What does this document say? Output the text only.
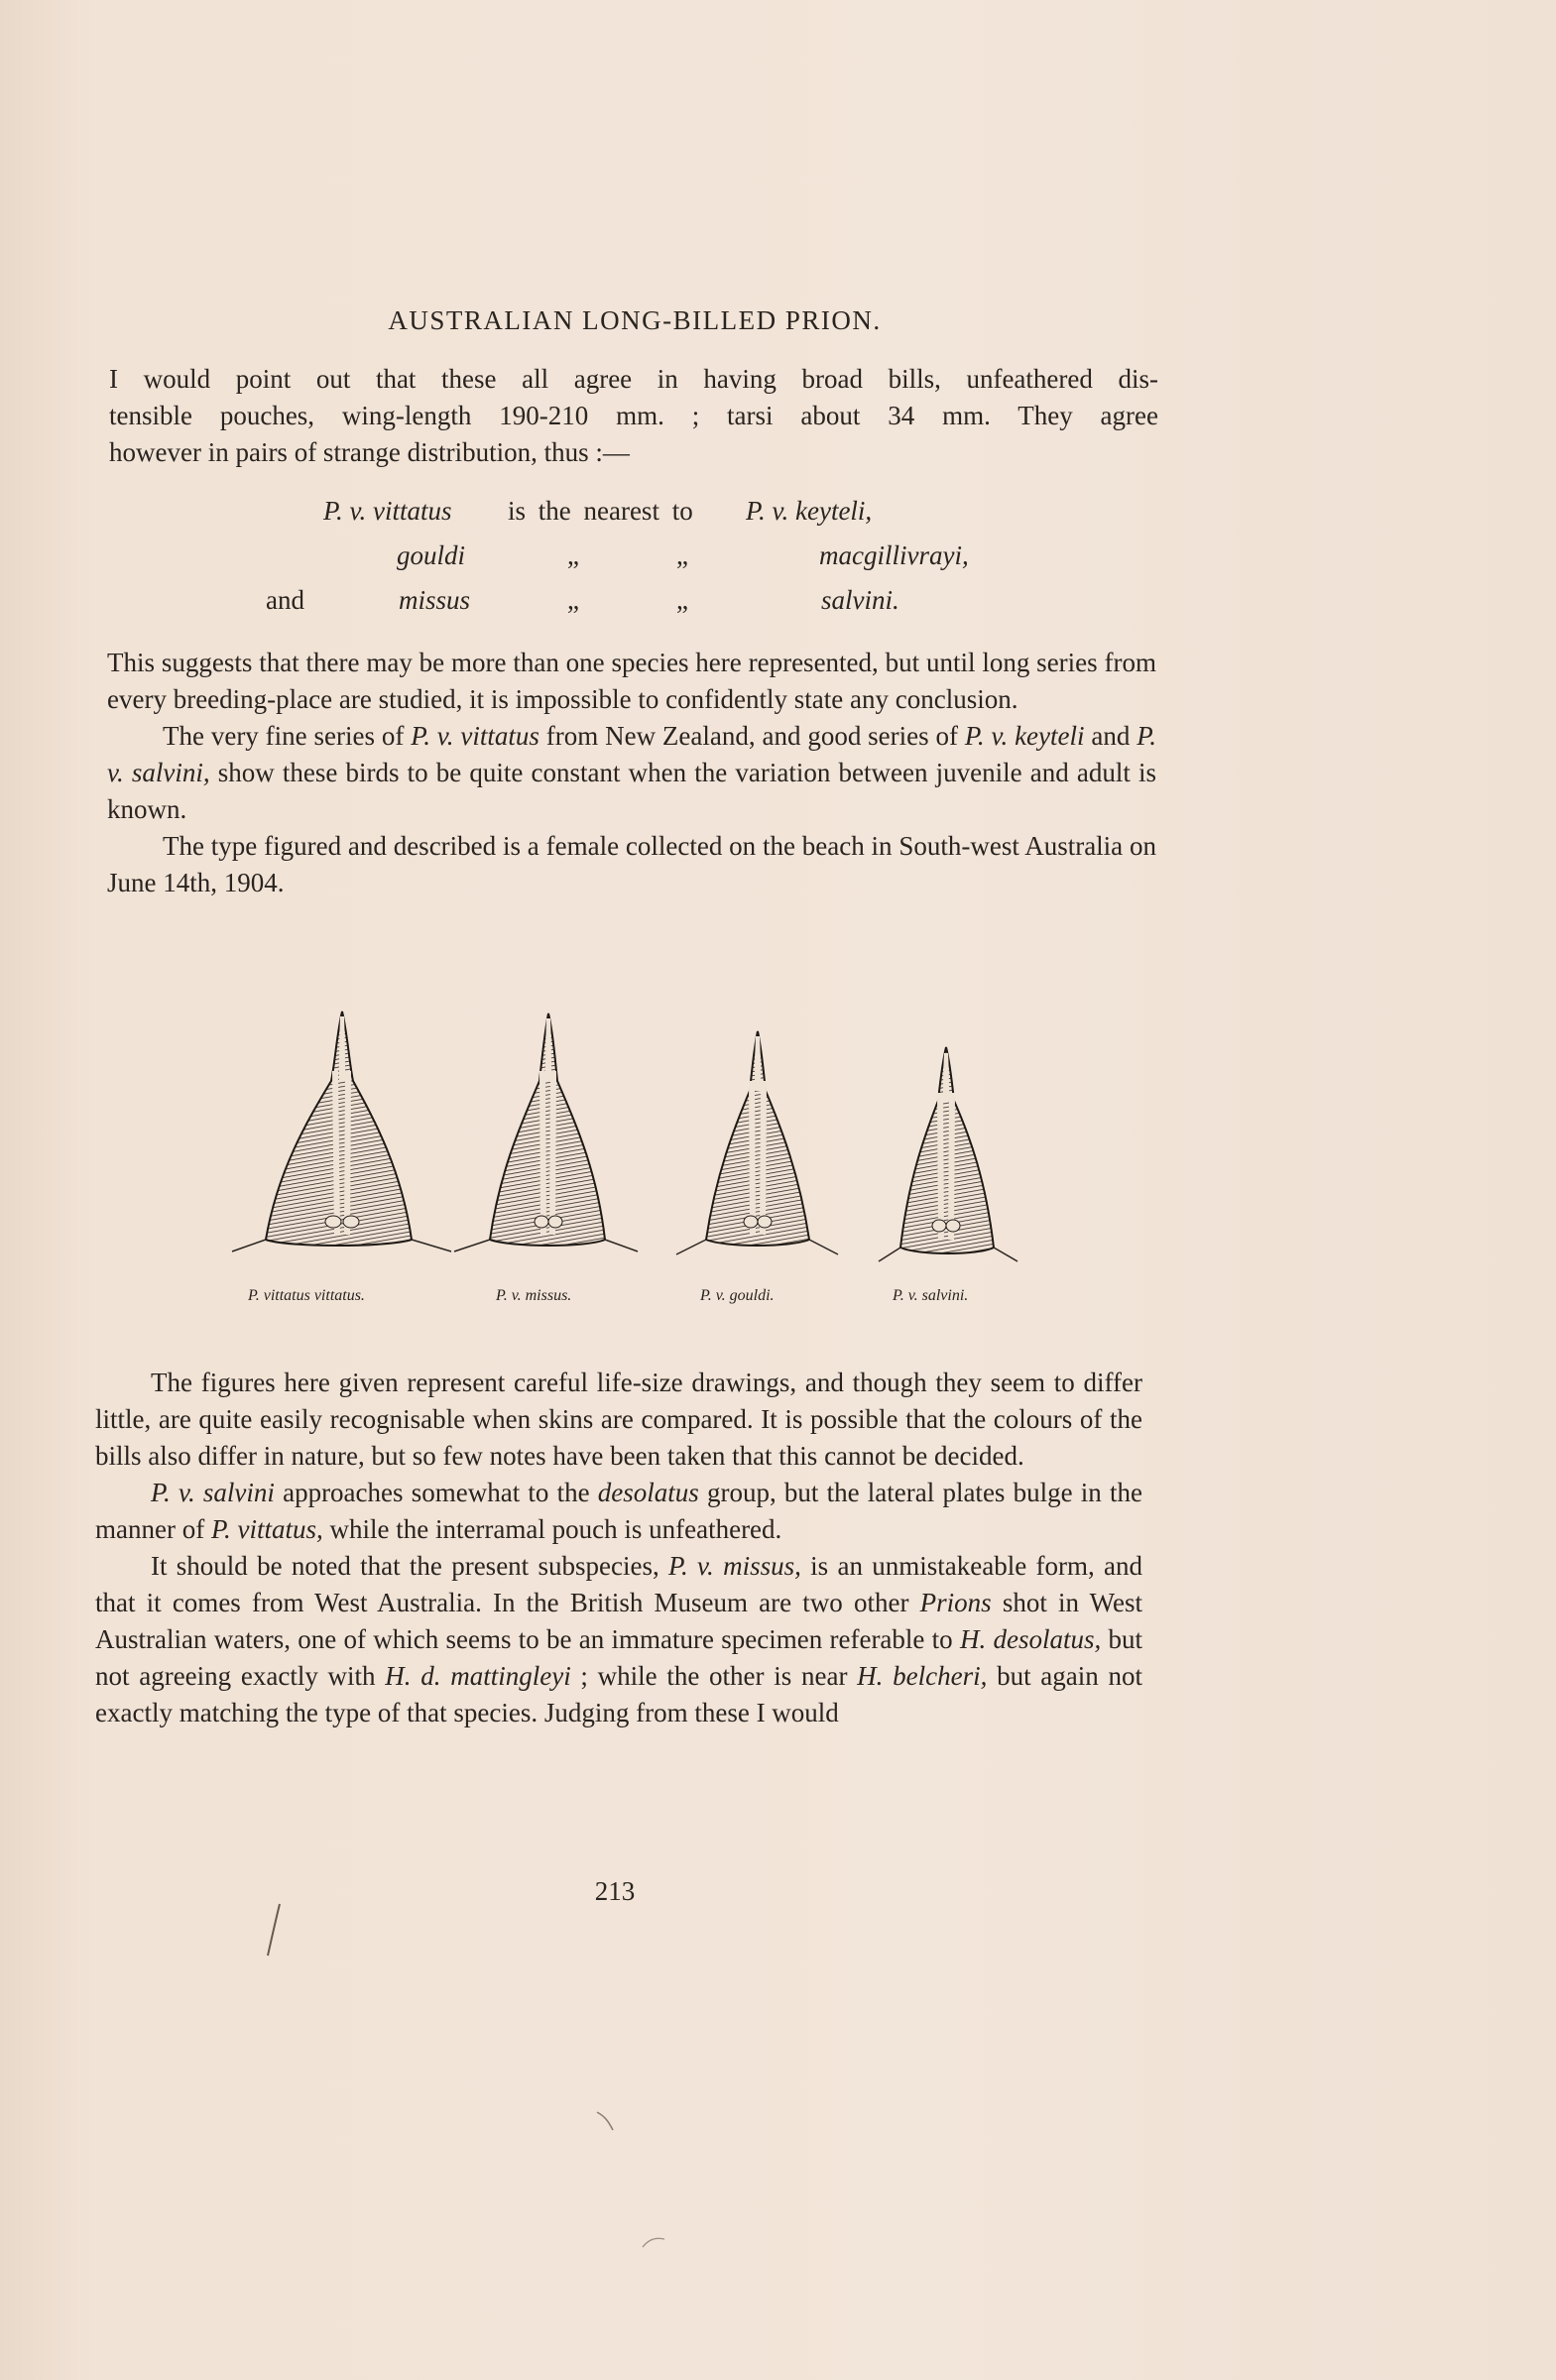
AUSTRALIAN LONG-BILLED PRION.

I would point out that these all agree in having broad bills, unfeathered dis-

tensible pouches, wing-length 190-210 mm. ; tarsi about 34 mm. They agree

however in pairs of strange distribution, thus :—

P. v. vittatus is the nearest to P. v. keyteli,
gouldi	„	„	macgillivrayi,
and	missus	„	„	salvini.

This suggests that there may be more than one species here represented, but until long series from every breeding-place are studied, it is impossible to confidently state any conclusion.

The very fine series of P. v. vittatus from New Zealand, and good series of P. v. keyteli and P. v. salvini, show these birds to be quite constant when the variation between juvenile and adult is known.

The type figured and described is a female collected on the beach in South-west Australia on June 14th, 1904.

P. vittatus vittatus.	P. v. missus.	P. v. gouldi.	P. v. salvini.

The figures here given represent careful life-size drawings, and though they seem to differ little, are quite easily recognisable when skins are compared. It is possible that the colours of the bills also differ in nature, but so few notes have been taken that this cannot be decided.

P. v. salvini approaches somewhat to the desolatus group, but the lateral plates bulge in the manner of P. vittatus, while the interramal pouch is unfeathered.

It should be noted that the present subspecies, P. v. missus, is an unmistakeable form, and that it comes from West Australia. In the British Museum are two other Prions shot in West Australian waters, one of which seems to be an immature specimen referable to H. desolatus, but not agreeing exactly with H. d. mattingleyi ; while the other is near H. belcheri, but again not exactly matching the type of that species. Judging from these I would

213
